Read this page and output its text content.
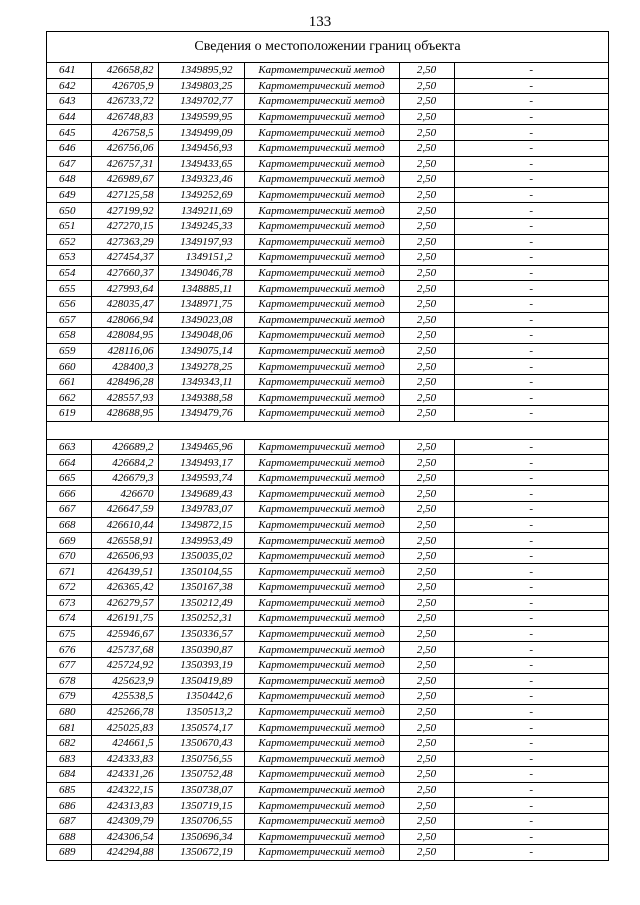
133
Сведения о местоположении границ объекта
641	426658,82	1349895,92	Картометрический метод	2,50	-
642	426705,9	1349803,25	Картометрический метод	2,50	-
643	426733,72	1349702,77	Картометрический метод	2,50	-
644	426748,83	1349599,95	Картометрический метод	2,50	-
645	426758,5	1349499,09	Картометрический метод	2,50	-
646	426756,06	1349456,93	Картометрический метод	2,50	-
647	426757,31	1349433,65	Картометрический метод	2,50	-
648	426989,67	1349323,46	Картометрический метод	2,50	-
649	427125,58	1349252,69	Картометрический метод	2,50	-
650	427199,92	1349211,69	Картометрический метод	2,50	-
651	427270,15	1349245,33	Картометрический метод	2,50	-
652	427363,29	1349197,93	Картометрический метод	2,50	-
653	427454,37	1349151,2	Картометрический метод	2,50	-
654	427660,37	1349046,78	Картометрический метод	2,50	-
655	427993,64	1348885,11	Картометрический метод	2,50	-
656	428035,47	1348971,75	Картометрический метод	2,50	-
657	428066,94	1349023,08	Картометрический метод	2,50	-
658	428084,95	1349048,06	Картометрический метод	2,50	-
659	428116,06	1349075,14	Картометрический метод	2,50	-
660	428400,3	1349278,25	Картометрический метод	2,50	-
661	428496,28	1349343,11	Картометрический метод	2,50	-
662	428557,93	1349388,58	Картометрический метод	2,50	-
619	428688,95	1349479,76	Картометрический метод	2,50	-

663	426689,2	1349465,96	Картометрический метод	2,50	-
664	426684,2	1349493,17	Картометрический метод	2,50	-
665	426679,3	1349593,74	Картометрический метод	2,50	-
666	426670	1349689,43	Картометрический метод	2,50	-
667	426647,59	1349783,07	Картометрический метод	2,50	-
668	426610,44	1349872,15	Картометрический метод	2,50	-
669	426558,91	1349953,49	Картометрический метод	2,50	-
670	426506,93	1350035,02	Картометрический метод	2,50	-
671	426439,51	1350104,55	Картометрический метод	2,50	-
672	426365,42	1350167,38	Картометрический метод	2,50	-
673	426279,57	1350212,49	Картометрический метод	2,50	-
674	426191,75	1350252,31	Картометрический метод	2,50	-
675	425946,67	1350336,57	Картометрический метод	2,50	-
676	425737,68	1350390,87	Картометрический метод	2,50	-
677	425724,92	1350393,19	Картометрический метод	2,50	-
678	425623,9	1350419,89	Картометрический метод	2,50	-
679	425538,5	1350442,6	Картометрический метод	2,50	-
680	425266,78	1350513,2	Картометрический метод	2,50	-
681	425025,83	1350574,17	Картометрический метод	2,50	-
682	424661,5	1350670,43	Картометрический метод	2,50	-
683	424333,83	1350756,55	Картометрический метод	2,50	-
684	424331,26	1350752,48	Картометрический метод	2,50	-
685	424322,15	1350738,07	Картометрический метод	2,50	-
686	424313,83	1350719,15	Картометрический метод	2,50	-
687	424309,79	1350706,55	Картометрический метод	2,50	-
688	424306,54	1350696,34	Картометрический метод	2,50	-
689	424294,88	1350672,19	Картометрический метод	2,50	-
